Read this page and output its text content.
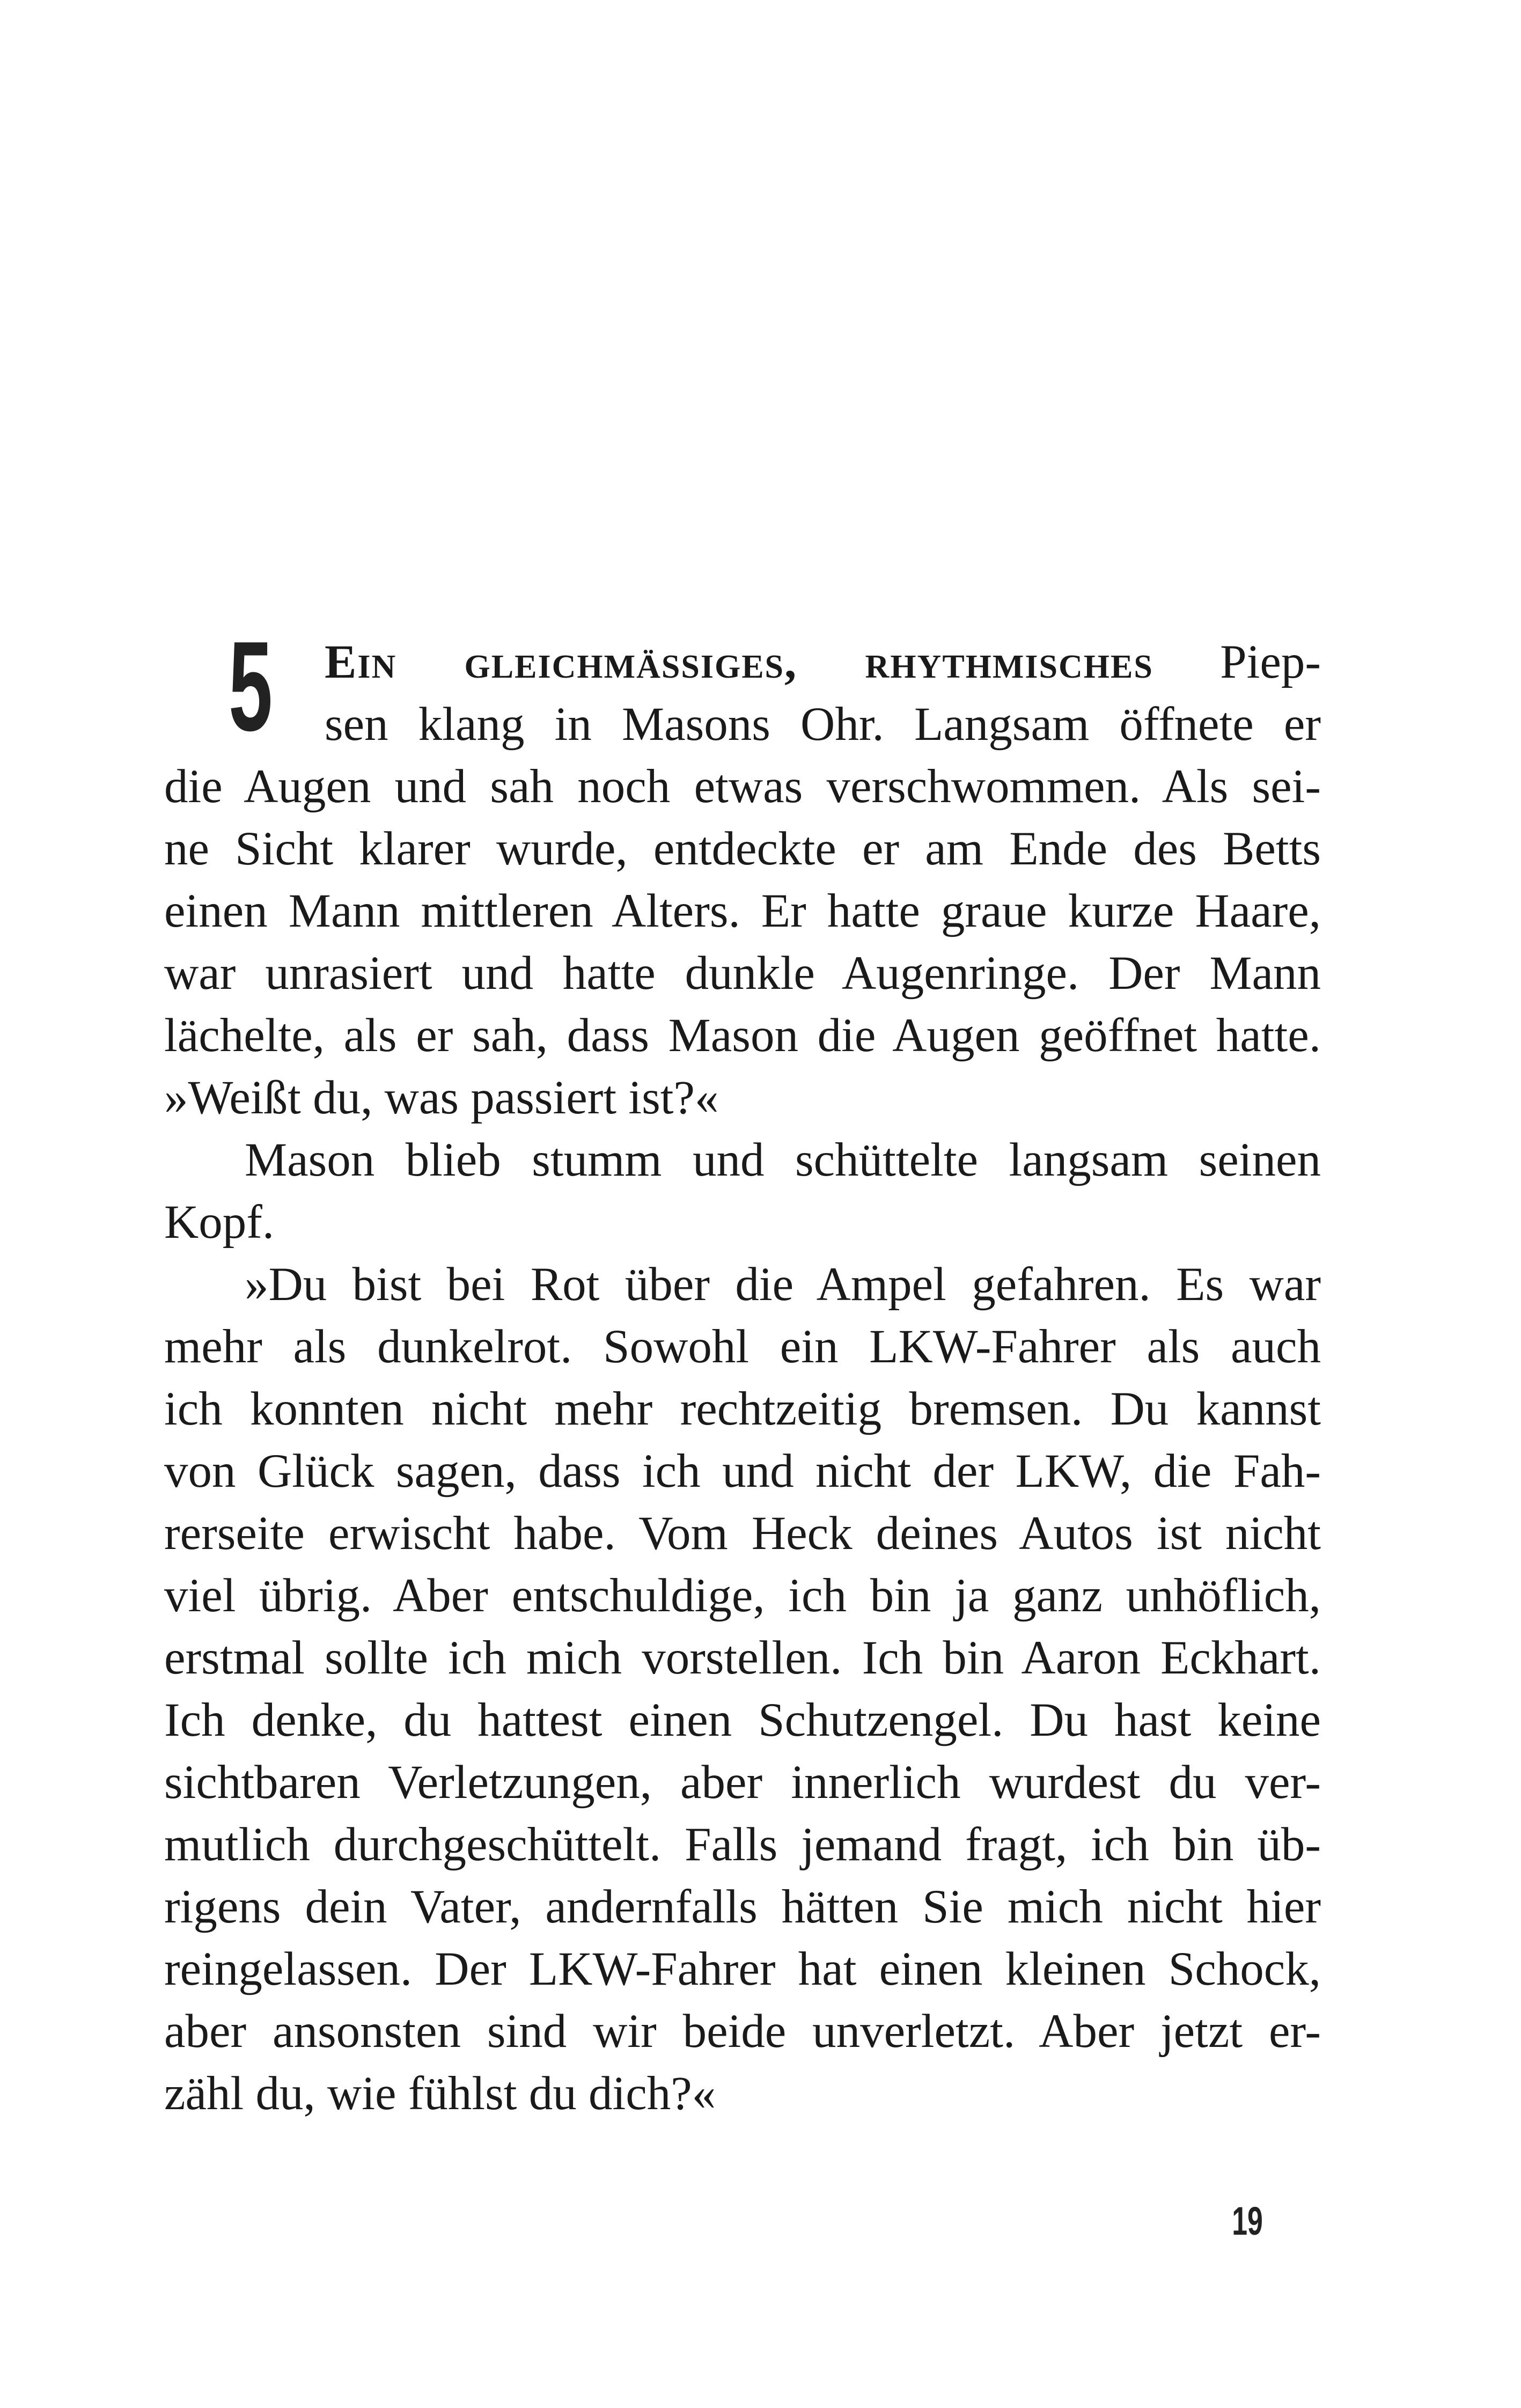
5	Ein gleichmässiges, rhythmisches Piep-
sen klang in Masons Ohr. Langsam öffnete er
die Augen und sah noch etwas verschwommen. Als sei-
ne Sicht klarer wurde, entdeckte er am Ende des Betts
einen Mann mittleren Alters. Er hatte graue kurze Haare,
war unrasiert und hatte dunkle Augenringe. Der Mann
lächelte, als er sah, dass Mason die Augen geöffnet hatte.
»Weißt du, was passiert ist?«
Mason blieb stumm und schüttelte langsam seinen
Kopf.
»Du bist bei Rot über die Ampel gefahren. Es war
mehr als dunkelrot. Sowohl ein LKW-Fahrer als auch
ich konnten nicht mehr rechtzeitig bremsen. Du kannst
von Glück sagen, dass ich und nicht der LKW, die Fah-
rerseite erwischt habe. Vom Heck deines Autos ist nicht
viel übrig. Aber entschuldige, ich bin ja ganz unhöflich,
erstmal sollte ich mich vorstellen. Ich bin Aaron Eckhart.
Ich denke, du hattest einen Schutzengel. Du hast keine
sichtbaren Verletzungen, aber innerlich wurdest du ver-
mutlich durchgeschüttelt. Falls jemand fragt, ich bin üb-
rigens dein Vater, andernfalls hätten Sie mich nicht hier
reingelassen. Der LKW-Fahrer hat einen kleinen Schock,
aber ansonsten sind wir beide unverletzt. Aber jetzt er-
zähl du, wie fühlst du dich?«
19
